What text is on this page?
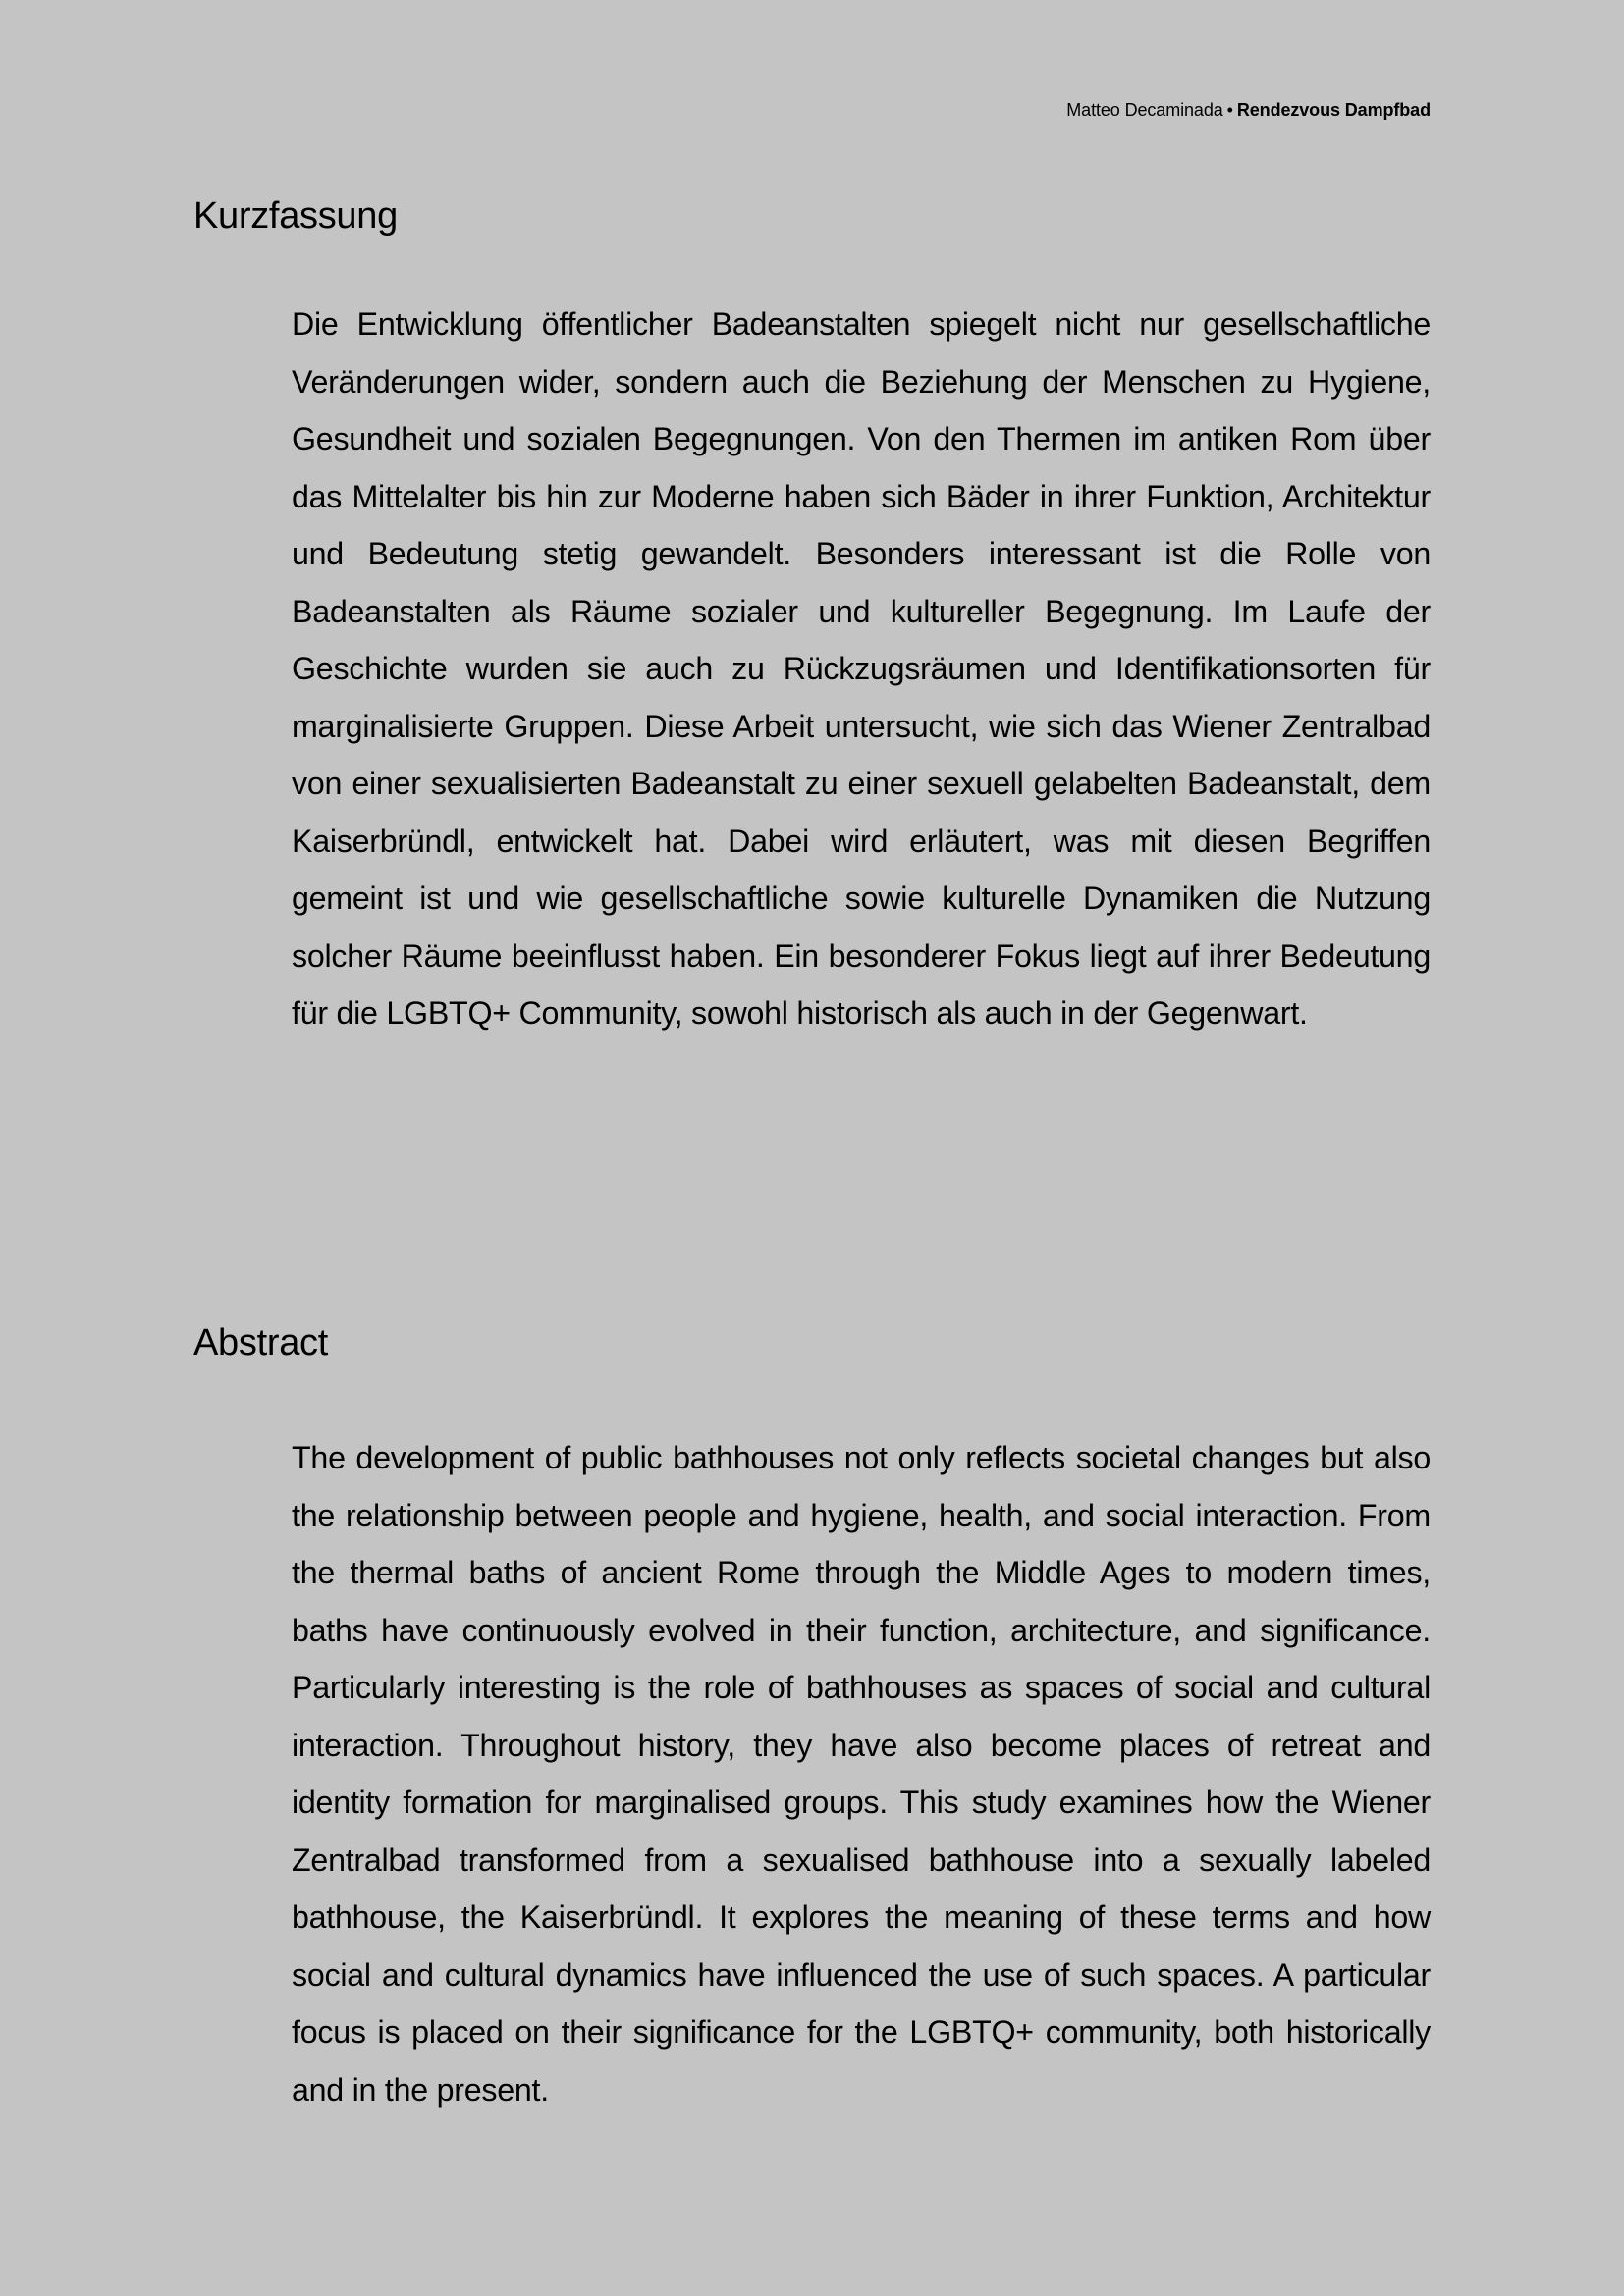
Matteo Decaminada • Rendezvous Dampfbad
Kurzfassung

Die Entwicklung öffentlicher Badeanstalten spiegelt nicht nur gesellschaftliche Veränderungen wider, sondern auch die Beziehung der Menschen zu Hygiene, Gesundheit und sozialen Begegnungen. Von den Thermen im antiken Rom über das Mittelalter bis hin zur Moderne haben sich Bäder in ihrer Funktion, Architektur und Bedeutung stetig gewandelt. Besonders interessant ist die Rolle von Badeanstalten als Räume sozialer und kultureller Begegnung. Im Laufe der Geschichte wurden sie auch zu Rückzugsräumen und Identifikationsorten für marginalisierte Gruppen. Diese Arbeit untersucht, wie sich das Wiener Zentralbad von einer sexualisierten Badeanstalt zu einer sexuell gelabelten Badeanstalt, dem Kaiserbründl, entwickelt hat. Dabei wird erläutert, was mit diesen Begriffen gemeint ist und wie gesellschaftliche sowie kulturelle Dynamiken die Nutzung solcher Räume beeinflusst haben. Ein besonderer Fokus liegt auf ihrer Bedeutung für die LGBTQ+ Community, sowohl historisch als auch in der Gegenwart.

Abstract

The development of public bathhouses not only reflects societal changes but also the relationship between people and hygiene, health, and social interaction. From the thermal baths of ancient Rome through the Middle Ages to modern times, baths have continuously evolved in their function, architecture, and significance. Particularly interesting is the role of bathhouses as spaces of social and cultural interaction. Throughout history, they have also become places of retreat and identity formation for marginalised groups. This study examines how the Wiener Zentralbad transformed from a sexualised bathhouse into a sexually labeled bathhouse, the Kaiserbründl. It explores the meaning of these terms and how social and cultural dynamics have influenced the use of such spaces. A particular focus is placed on their significance for the LGBTQ+ community, both historically and in the present.
